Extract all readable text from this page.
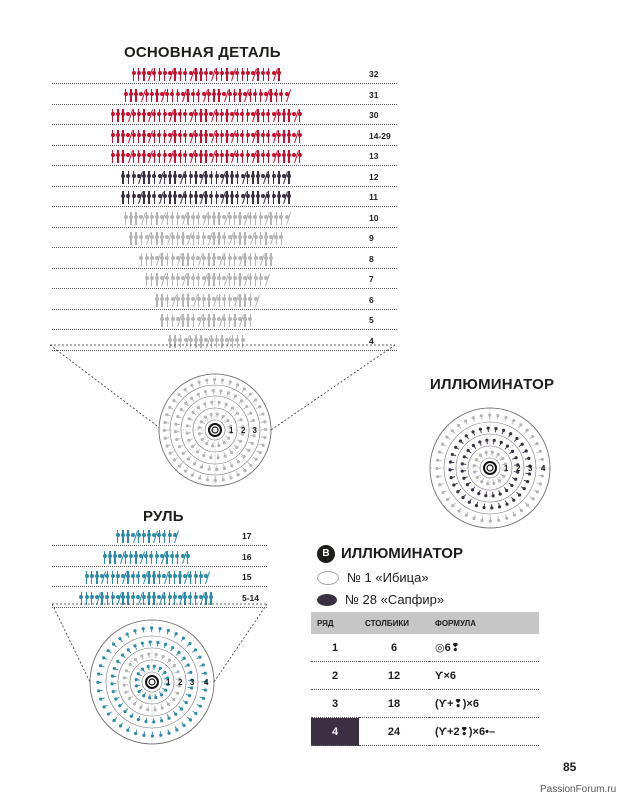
ОСНОВНАЯ ДЕТАЛЬ
32
31
30
14-29
13
12
11
10
9
8
7
6
5
4
1 2 3
ИЛЛЮМИНАТОР
1 2 3 4
РУЛЬ
17
16
15
5-14
1 2 3 4
B ИЛЛЮМИНАТОР
№ 1 «Ибица»
№ 28 «Сапфир»
РЯД	СТОЛБИКИ	ФОРМУЛА
1	6	◎6❢
2	12	Ƴ×6
3	18	(Ƴ+❢)×6
4	24	(Ƴ+2❢)×6•–
85
PassionForum.ru
